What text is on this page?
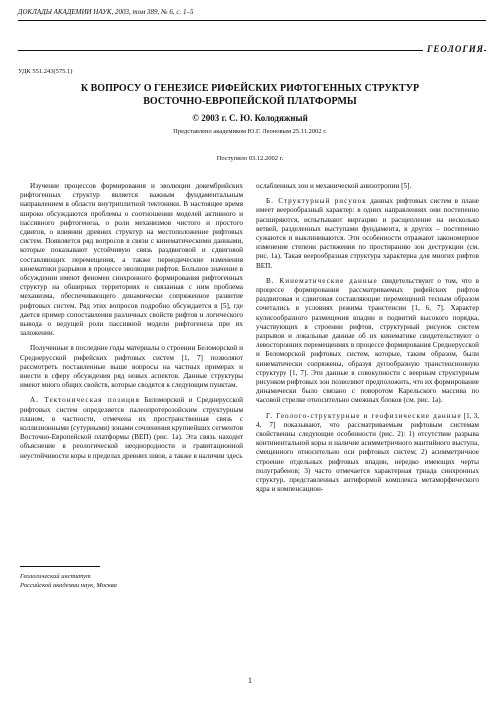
ДОКЛАДЫ АКАДЕМИИ НАУК, 2003, том 389, № 6, с. 1–5
ГЕОЛОГИЯ
УДК 551.243(575.1)
К ВОПРОСУ О ГЕНЕЗИСЕ РИФЕЙСКИХ РИФТОГЕННЫХ СТРУКТУР
ВОСТОЧНО-ЕВРОПЕЙСКОЙ ПЛАТФОРМЫ
© 2003 г. С. Ю. Колодяжный
Представлено академиком Ю.Г. Леоновым 25.11.2002 г.
Поступило 03.12.2002 г.

Изучение процессов формирования и эволюции докембрийских рифтогенных структур является важным фундаментальным направлением в области внутриплитной тектоники. В настоящее время широко обсуждаются проблемы о соотношении моделей активного и пассивного рифтогенеза, о роли механизмов чистого и простого сдвигов, о влиянии древних структур на местоположение рифтовых систем. Появляется ряд вопросов в связи с кинематическими данными, которые показывают устойчивую связь раздвиговой и сдвиговой составляющих перемещения, а также периодические изменения кинематики разрывов в процессе эволюции рифтов. Большое значение в обсуждении имеют феномен синхронного формирования рифтогенных структур на обширных территориях и связанная с ним проблема механизма, обеспечивающего динамически сопряженное развитие рифтовых систем. Ряд этих вопросов подробно обсуждается в [5], где дается пример сопоставления различных свойств рифтов и логического вывода о ведущей роли пассивной модели рифтогенеза при их заложении.

Полученные в последние годы материалы о строении Беломорской и Среднерусской рифейских рифтовых систем [1, 7] позволяют рассмотреть поставленные выше вопросы на частных примерах и внести в сферу обсуждения ряд новых аспектов. Данные структуры имеют много общих свойств, которые сводятся к следующим пунктам.

А. Тектоническая позиция Беломорской и Среднерусской рифтовых систем определяется палеопротерозойским структурным планом, в частности, отмечена их пространственная связь с коллизионными (сутурными) зонами сочленения крупнейших сегментов Восточно-Европейской платформы (ВЕП) (рис. 1а). Эта связь находит объяснение в реологической неоднородности и гравитационной неустойчивости коры в пределах древних швов, а также в наличии здесь

ослабленных зон и механической анизотропии [5].

Б. Структурный рисунок данных рифтовых систем в плане имеет веерообразный характер: в одних направлениях они постепенно расширяются, испытывают виргацию и расщепление на несколько ветвей, разделенных выступами фундамента, в других – постепенно сужаются и выклиниваются. Эти особенности отражают закономерное изменение степени растяжения по простиранию зон деструкции (см. рис. 1а). Такая веерообразная структура характерна для многих рифтов ВЕП.

В. Кинематические данные свидетельствуют о том, что в процессе формирования рассматриваемых рифейских рифтов раздвиговая и сдвиговая составляющие перемещений тесным образом сочетались в условиях режима транстенсии [1, 6, 7]. Характер кулисообразного размещения впадин и подвитий высокого порядка, участвующих в строении рифтов, структурный рисунок систем разрывов и локальные данные об их кинематике свидетельствуют о левосторонних перемещениях в процессе формирования Среднерусской и Беломорской рифтовых систем, которые, таким образом, были кинематически сопряжены, образуя дугообразную транстенсионную структуру [1, 7]. Эти данные в совокупности с веерным структурным рисунком рифтовых зон позволяют предположить, что их формирование динамически было связано с поворотом Карельского массива по часовой стрелке относительно смежных блоков (см. рис. 1а).

Г. Геолого-структурные и геофизические данные [1, 3, 4, 7] показывают, что рассматриваемым рифтовым системам свойственны следующие особенности (рис. 2): 1) отсутствие разрыва континентальной коры и наличие асимметричного мантийного выступа, смещенного относительно оси рифтовых систем; 2) асимметричное строение отдельных рифтовых впадин, нередко имеющих черты полуграбенов; 3) часто отмечается характерная триада синхронных структур, представленных антиформой комплекса метаморфического ядра и компенсацион-

Геологический институт
Российской академии наук, Москва
1
